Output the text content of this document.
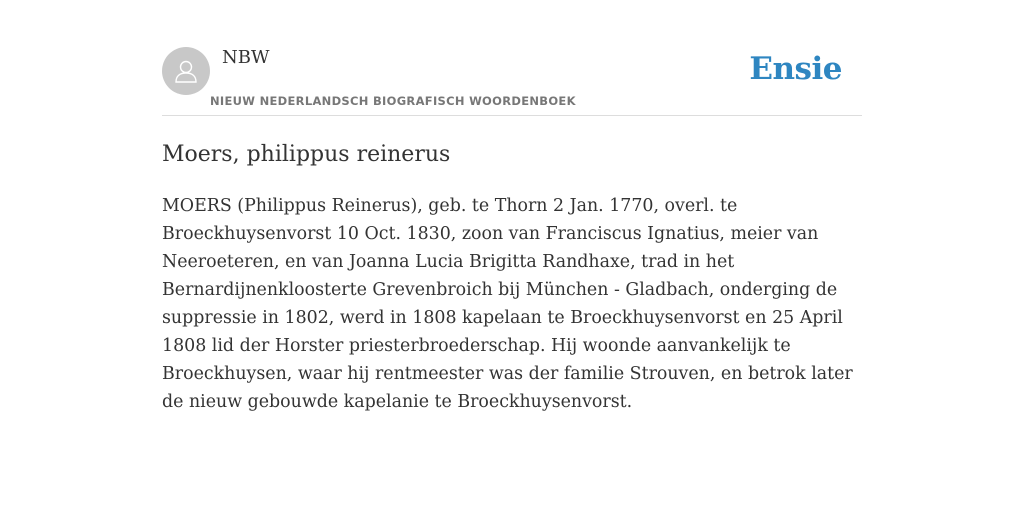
NBW
NIEUW NEDERLANDSCH BIOGRAFISCH WOORDENBOEK
Ensie
Moers, philippus reinerus

MOERS (Philippus Reinerus), geb. te Thorn 2 Jan. 1770, overl. te Broeckhuysenvorst 10 Oct. 1830, zoon van Franciscus Ignatius, meier van Neeroeteren, en van Joanna Lucia Brigitta Randhaxe, trad in het Bernardijnenkloosterte Grevenbroich bij München - Gladbach, onderging de suppressie in 1802, werd in 1808 kapelaan te Broeckhuysenvorst en 25 April 1808 lid der Horster priesterbroederschap. Hij woonde aanvankelijk te Broeckhuysen, waar hij rentmeester was der familie Strouven, en betrok later de nieuw gebouwde kapelanie te Broeckhuysenvorst.
